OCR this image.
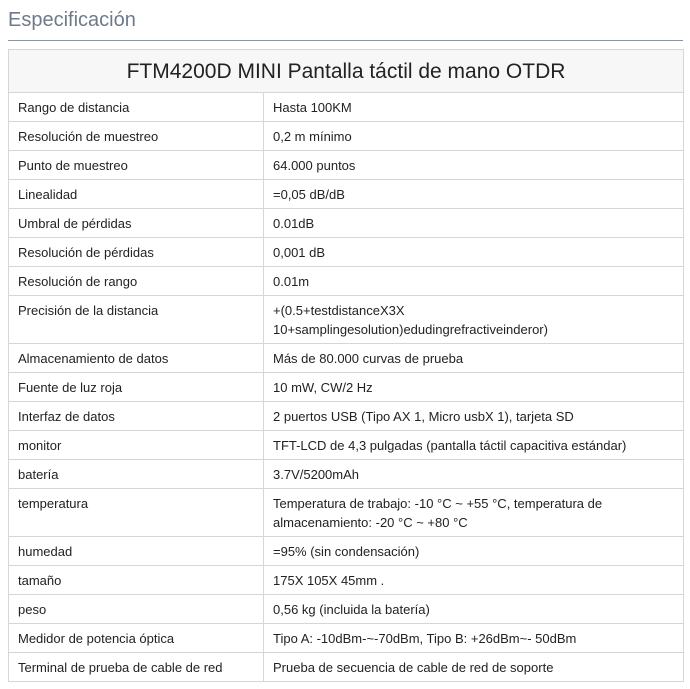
Especificación
FTM4200D MINI Pantalla táctil de mano OTDR	
Rango de distancia	Hasta 100KM
Resolución de muestreo	0,2 m mínimo
Punto de muestreo	64.000 puntos
Linealidad	=0,05 dB/dB
Umbral de pérdidas	0.01dB
Resolución de pérdidas	0,001 dB
Resolución de rango	0.01m
Precisión de la distancia	+(0.5+testdistanceX3X 10+samplingesolution)edudingrefractiveinderor)
Almacenamiento de datos	Más de 80.000 curvas de prueba
Fuente de luz roja	10 mW, CW/2 Hz
Interfaz de datos	2 puertos USB (Tipo AX 1, Micro usbX 1), tarjeta SD
monitor	TFT-LCD de 4,3 pulgadas (pantalla táctil capacitiva estándar)
batería	3.7V/5200mAh
temperatura	Temperatura de trabajo: -10 °C ~ +55 °C, temperatura de almacenamiento: -20 °C ~ +80 °C
humedad	=95% (sin condensación)
tamaño	175X 105X 45mm .
peso	0,56 kg (incluida la batería)
Medidor de potencia óptica	Tipo A: -10dBm-~-70dBm, Tipo B: +26dBm~- 50dBm
Terminal de prueba de cable de red	Prueba de secuencia de cable de red de soporte
